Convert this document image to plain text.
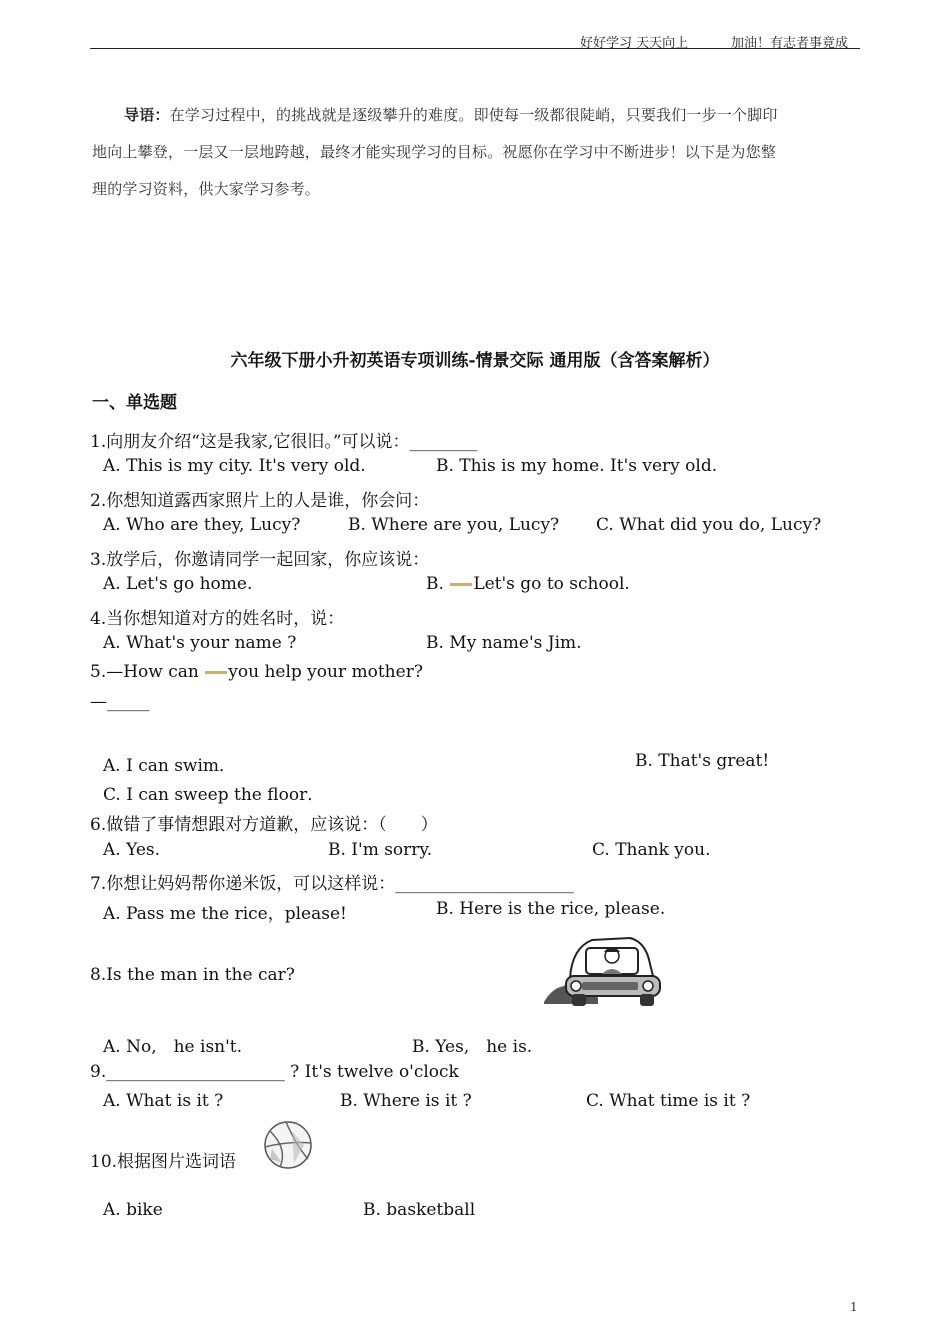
好好学习 天天向上	加油！有志者事竟成
导语：在学习过程中，的挑战就是逐级攀升的难度。即使每一级都很陡峭，只要我们一步一个脚印
地向上攀登，一层又一层地跨越，最终才能实现学习的目标。祝愿你在学习中不断进步！以下是为您整
理的学习资料，供大家学习参考。
六年级下册小升初英语专项训练-情景交际 通用版（含答案解析）
一、单选题
1.向朋友介绍“这是我家,它很旧。”可以说：________
A. This is my city. It's very old.	B. This is my home. It's very old.
2.你想知道露西家照片上的人是谁，你会问：
A. Who are they, Lucy?	B. Where are you, Lucy? C. What did you do, Lucy?
3.放学后，你邀请同学一起回家，你应该说：
A. Let's go home.	B. Let's go to school.
4.当你想知道对方的姓名时，说：
A. What's your name ?	B. My name's Jim.
5.—How can you help your mother?
—_____
A. I can swim．	B. That's great!
C. I can sweep the floor．
6.做错了事情想跟对方道歉，应该说：（　　）
A. Yes.	B. I'm sorry.	C. Thank you.
7.你想让妈妈帮你递米饭，可以这样说：_____________________
A. Pass me the rice，please!	B. Here is the rice, please.
8.Is the man in the car?
A. No,　he isn't.	B. Yes,　he is.
9._____________________ ? It's twelve o'clock
A. What is it ?	B. Where is it ?	C. What time is it ?
10.根据图片选词语
A. bike	B. basketball
1
